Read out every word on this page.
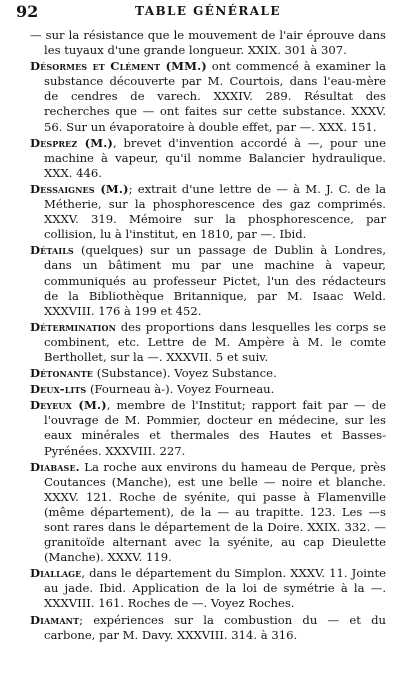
92	TABLE GÉNÉRALE

— sur la résistance que le mouvement de l'air éprouve dans les tuyaux d'une grande longueur. XXIX. 301 à 307.

Désormes et Clément (MM.) ont commencé à examiner la substance découverte par M. Courtois, dans l'eau-mère de cendres de varech. XXXIV. 289. Résultat des recherches que — ont faites sur cette substance. XXXV. 56. Sur un évaporatoire à double effet, par —. XXX. 151.

Desprez (M.), brevet d'invention accordé à —, pour une machine à vapeur, qu'il nomme Balancier hydraulique. XXX. 446.

Dessaignes (M.); extrait d'une lettre de — à M. J. C. de la Métherie, sur la phosphorescence des gaz comprimés. XXXV. 319. Mémoire sur la phosphorescence, par collision, lu à l'institut, en 1810, par —. Ibid.

Détails (quelques) sur un passage de Dublin à Londres, dans un bâtiment mu par une machine à vapeur, communiqués au professeur Pictet, l'un des rédacteurs de la Bibliothèque Britannique, par M. Isaac Weld. XXXVIII. 176 à 199 et 452.

Détermination des proportions dans lesquelles les corps se combinent, etc. Lettre de M. Ampère à M. le comte Berthollet, sur la —. XXXVII. 5 et suiv.

Détonante (Substance). Voyez Substance.

Deux-lits (Fourneau à-). Voyez Fourneau.

Deyeux (M.), membre de l'Institut; rapport fait par — de l'ouvrage de M. Pommier, docteur en médecine, sur les eaux minérales et thermales des Hautes et Basses-Pyrénées. XXXVIII. 227.

Diabase. La roche aux environs du hameau de Perque, près Coutances (Manche), est une belle — noire et blanche. XXXV. 121. Roche de syénite, qui passe à Flamenville (même département), de la — au trapitte. 123. Les —s sont rares dans le département de la Doire. XXIX. 332. — granitoïde alternant avec la syénite, au cap Dieulette (Manche). XXXV. 119.

Diallage, dans le département du Simplon. XXXV. 11. Jointe au jade. Ibid. Application de la loi de symétrie à la —. XXXVIII. 161. Roches de —. Voyez Roches.

Diamant; expériences sur la combustion du — et du carbone, par M. Davy. XXXVIII. 314. à 316.
